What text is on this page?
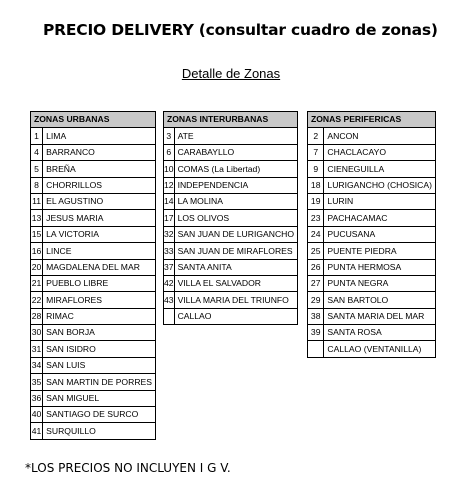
PRECIO DELIVERY (consultar cuadro de zonas)
Detalle de Zonas
ZONAS URBANAS	
1	LIMA
4	BARRANCO
5	BREÑA
8	CHORRILLOS
11	EL AGUSTINO
13	JESUS MARIA
15	LA VICTORIA
16	LINCE
20	MAGDALENA DEL MAR
21	PUEBLO LIBRE
22	MIRAFLORES
28	RIMAC
30	SAN BORJA
31	SAN ISIDRO
34	SAN LUIS
35	SAN MARTIN DE PORRES
36	SAN MIGUEL
40	SANTIAGO DE SURCO
41	SURQUILLO
ZONAS INTERURBANAS	
3	ATE
6	CARABAYLLO
10	COMAS (La Libertad)
12	INDEPENDENCIA
14	LA MOLINA
17	LOS OLIVOS
32	SAN JUAN DE LURIGANCHO
33	SAN JUAN DE MIRAFLORES
37	SANTA ANITA
42	VILLA EL SALVADOR
43	VILLA MARIA DEL TRIUNFO
	CALLAO
ZONAS PERIFERICAS	
2	ANCON
7	CHACLACAYO
9	CIENEGUILLA
18	LURIGANCHO (CHOSICA)
19	LURIN
23	PACHACAMAC
24	PUCUSANA
25	PUENTE PIEDRA
26	PUNTA HERMOSA
27	PUNTA NEGRA
29	SAN BARTOLO
38	SANTA MARIA DEL MAR
39	SANTA ROSA
	CALLAO (VENTANILLA)
*LOS PRECIOS NO INCLUYEN I G V.
